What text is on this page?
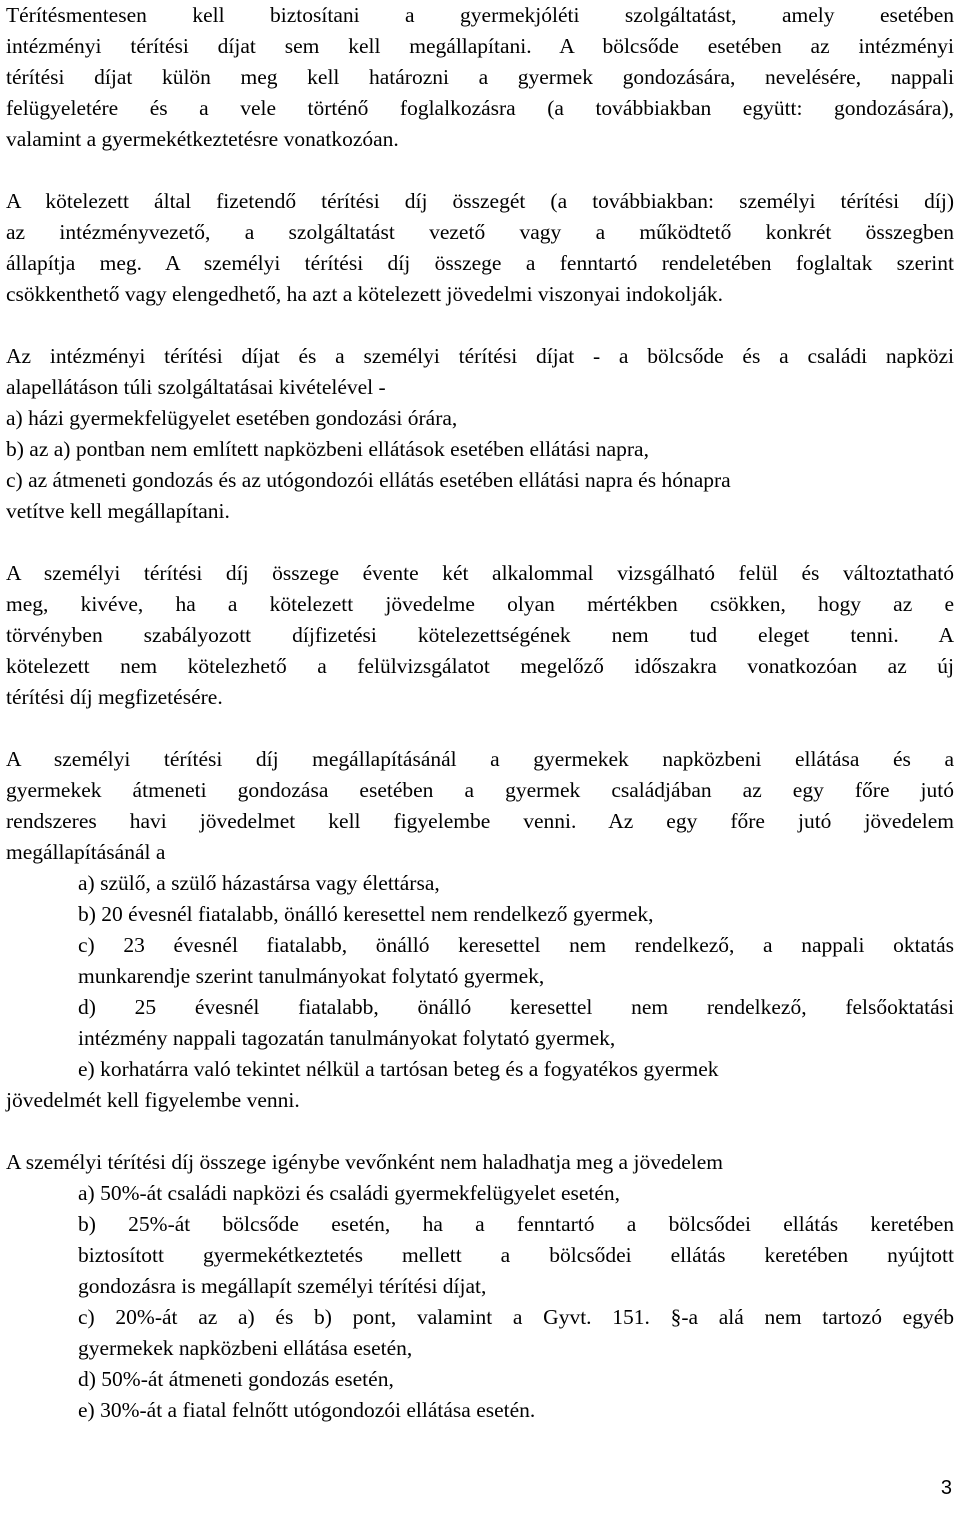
Térítésmentesen kell biztosítani a gyermekjóléti szolgáltatást, amely esetében
intézményi térítési díjat sem kell megállapítani. A bölcsőde esetében az intézményi
térítési díjat külön meg kell határozni a gyermek gondozására, nevelésére, nappali
felügyeletére és a vele történő foglalkozásra (a továbbiakban együtt: gondozására),
valamint a gyermekétkeztetésre vonatkozóan.
A kötelezett által fizetendő térítési díj összegét (a továbbiakban: személyi térítési díj)
az intézményvezető, a szolgáltatást vezető vagy a működtető konkrét összegben
állapítja meg. A személyi térítési díj összege a fenntartó rendeletében foglaltak szerint
csökkenthető vagy elengedhető, ha azt a kötelezett jövedelmi viszonyai indokolják.
Az intézményi térítési díjat és a személyi térítési díjat - a bölcsőde és a családi napközi
alapellátáson túli szolgáltatásai kivételével -
a) házi gyermekfelügyelet esetében gondozási órára,
b) az a) pontban nem említett napközbeni ellátások esetében ellátási napra,
c) az átmeneti gondozás és az utógondozói ellátás esetében ellátási napra és hónapra
vetítve kell megállapítani.
A személyi térítési díj összege évente két alkalommal vizsgálható felül és változtatható
meg, kivéve, ha a kötelezett jövedelme olyan mértékben csökken, hogy az e
törvényben szabályozott díjfizetési kötelezettségének nem tud eleget tenni. A
kötelezett nem kötelezhető a felülvizsgálatot megelőző időszakra vonatkozóan az új
térítési díj megfizetésére.
A személyi térítési díj megállapításánál a gyermekek napközbeni ellátása és a
gyermekek átmeneti gondozása esetében a gyermek családjában az egy főre jutó
rendszeres havi jövedelmet kell figyelembe venni. Az egy főre jutó jövedelem
megállapításánál a
a) szülő, a szülő házastársa vagy élettársa,
b) 20 évesnél fiatalabb, önálló keresettel nem rendelkező gyermek,
c) 23 évesnél fiatalabb, önálló keresettel nem rendelkező, a nappali oktatás
munkarendje szerint tanulmányokat folytató gyermek,
d) 25 évesnél fiatalabb, önálló keresettel nem rendelkező, felsőoktatási
intézmény nappali tagozatán tanulmányokat folytató gyermek,
e) korhatárra való tekintet nélkül a tartósan beteg és a fogyatékos gyermek
jövedelmét kell figyelembe venni.
A személyi térítési díj összege igénybe vevőnként nem haladhatja meg a jövedelem
a) 50%-át családi napközi és családi gyermekfelügyelet esetén,
b) 25%-át bölcsőde esetén, ha a fenntartó a bölcsődei ellátás keretében
biztosított gyermekétkeztetés mellett a bölcsődei ellátás keretében nyújtott
gondozásra is megállapít személyi térítési díjat,
c) 20%-át az a) és b) pont, valamint a Gyvt. 151. §-a alá nem tartozó egyéb
gyermekek napközbeni ellátása esetén,
d) 50%-át átmeneti gondozás esetén,
e) 30%-át a fiatal felnőtt utógondozói ellátása esetén.
3
